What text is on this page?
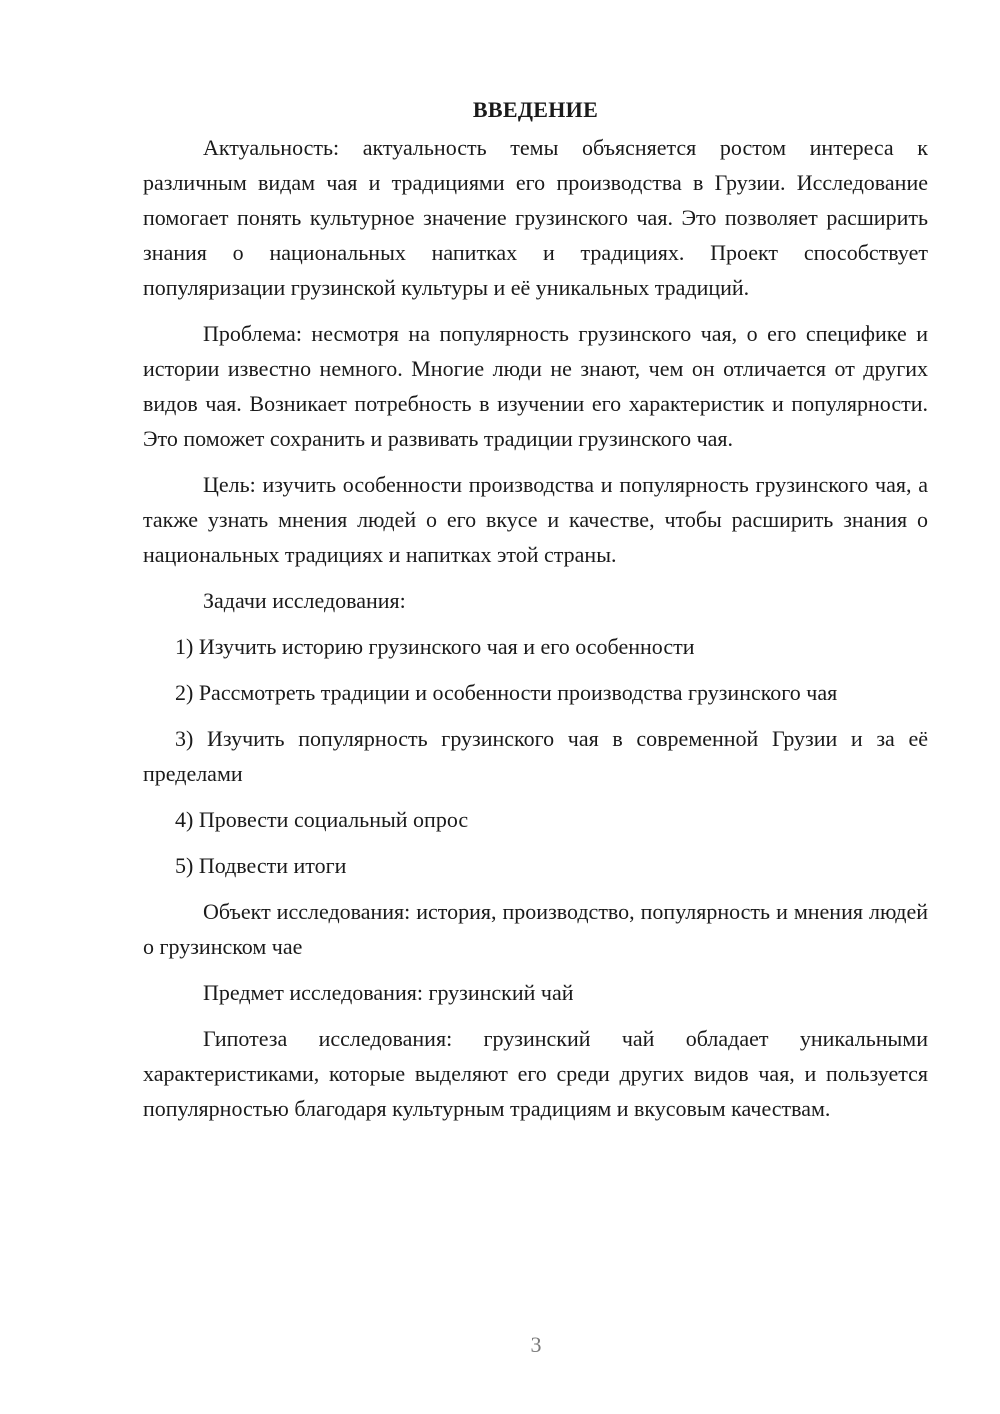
ВВЕДЕНИЕ

Актуальность: актуальность темы объясняется ростом интереса к различным видам чая и традициями его производства в Грузии. Исследование помогает понять культурное значение грузинского чая. Это позволяет расширить знания о национальных напитках и традициях. Проект способствует популяризации грузинской культуры и её уникальных традиций.

Проблема: несмотря на популярность грузинского чая, о его специфике и истории известно немного. Многие люди не знают, чем он отличается от других видов чая. Возникает потребность в изучении его характеристик и популярности. Это поможет сохранить и развивать традиции грузинского чая.

Цель: изучить особенности производства и популярность грузинского чая, а также узнать мнения людей о его вкусе и качестве, чтобы расширить знания о национальных традициях и напитках этой страны.

Задачи исследования:

1) Изучить историю грузинского чая и его особенности

2) Рассмотреть традиции и особенности производства грузинского чая

3) Изучить популярность грузинского чая в современной Грузии и за её пределами

4) Провести социальный опрос

5) Подвести итоги

Объект исследования: история, производство, популярность и мнения людей о грузинском чае

Предмет исследования: грузинский чай

Гипотеза исследования: грузинский чай обладает уникальными характеристиками, которые выделяют его среди других видов чая, и пользуется популярностью благодаря культурным традициям и вкусовым качествам.

3
